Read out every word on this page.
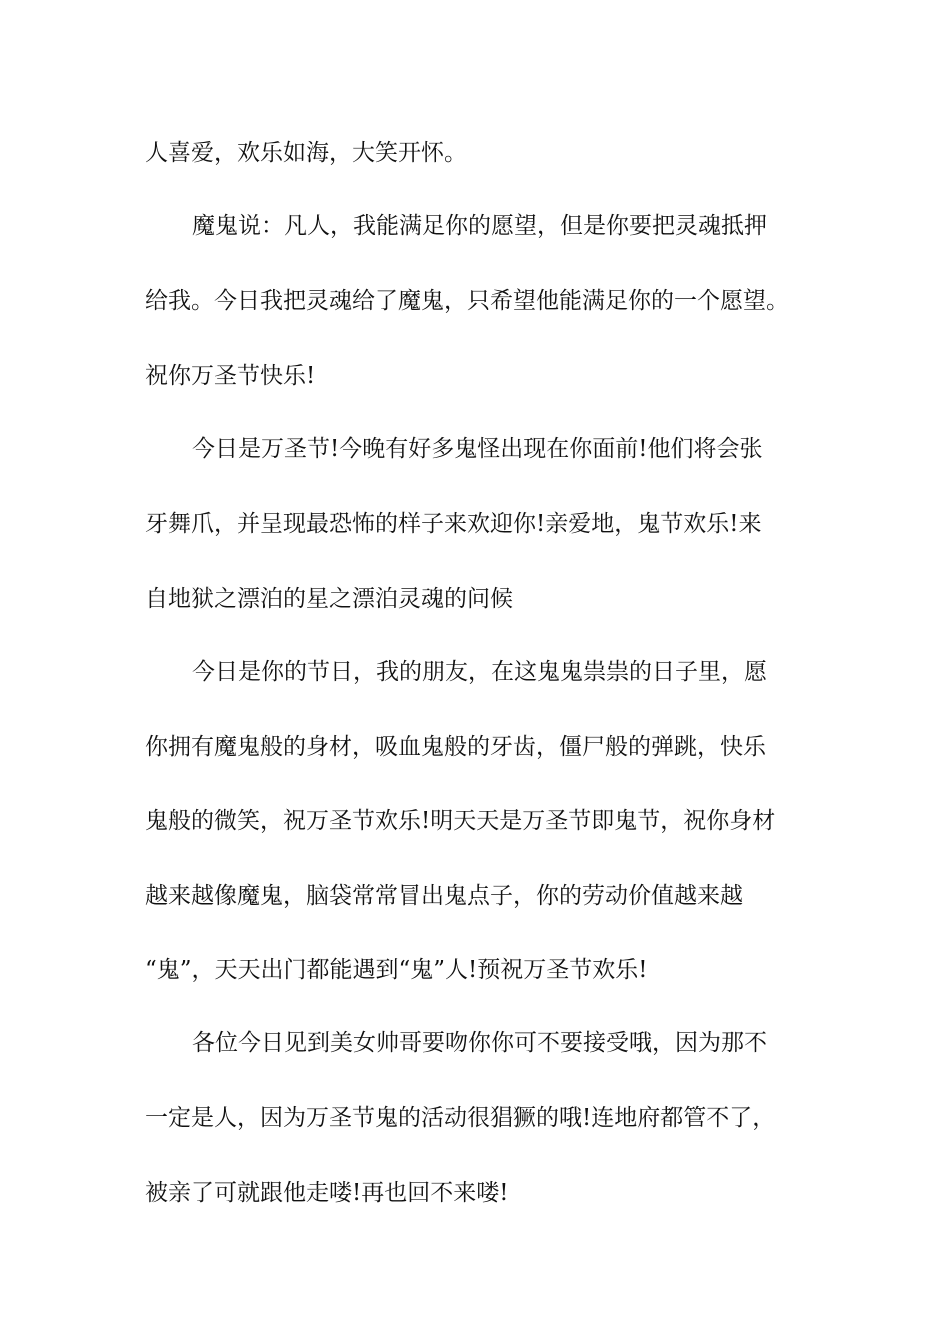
人喜爱，欢乐如海，大笑开怀。

魔鬼说：凡人，我能满足你的愿望，但是你要把灵魂抵押

给我。今日我把灵魂给了魔鬼，只希望他能满足你的一个愿望。

祝你万圣节快乐!

今日是万圣节!今晚有好多鬼怪出现在你面前!他们将会张

牙舞爪，并呈现最恐怖的样子来欢迎你!亲爱地，鬼节欢乐!来

自地狱之漂泊的星之漂泊灵魂的问候

今日是你的节日，我的朋友，在这鬼鬼祟祟的日子里，愿

你拥有魔鬼般的身材，吸血鬼般的牙齿，僵尸般的弹跳，快乐

鬼般的微笑，祝万圣节欢乐!明天天是万圣节即鬼节，祝你身材

越来越像魔鬼，脑袋常常冒出鬼点子，你的劳动价值越来越

“鬼”，天天出门都能遇到“鬼”人!预祝万圣节欢乐!

各位今日见到美女帅哥要吻你你可不要接受哦，因为那不

一定是人，因为万圣节鬼的活动很猖獗的哦!连地府都管不了，

被亲了可就跟他走喽!再也回不来喽!
